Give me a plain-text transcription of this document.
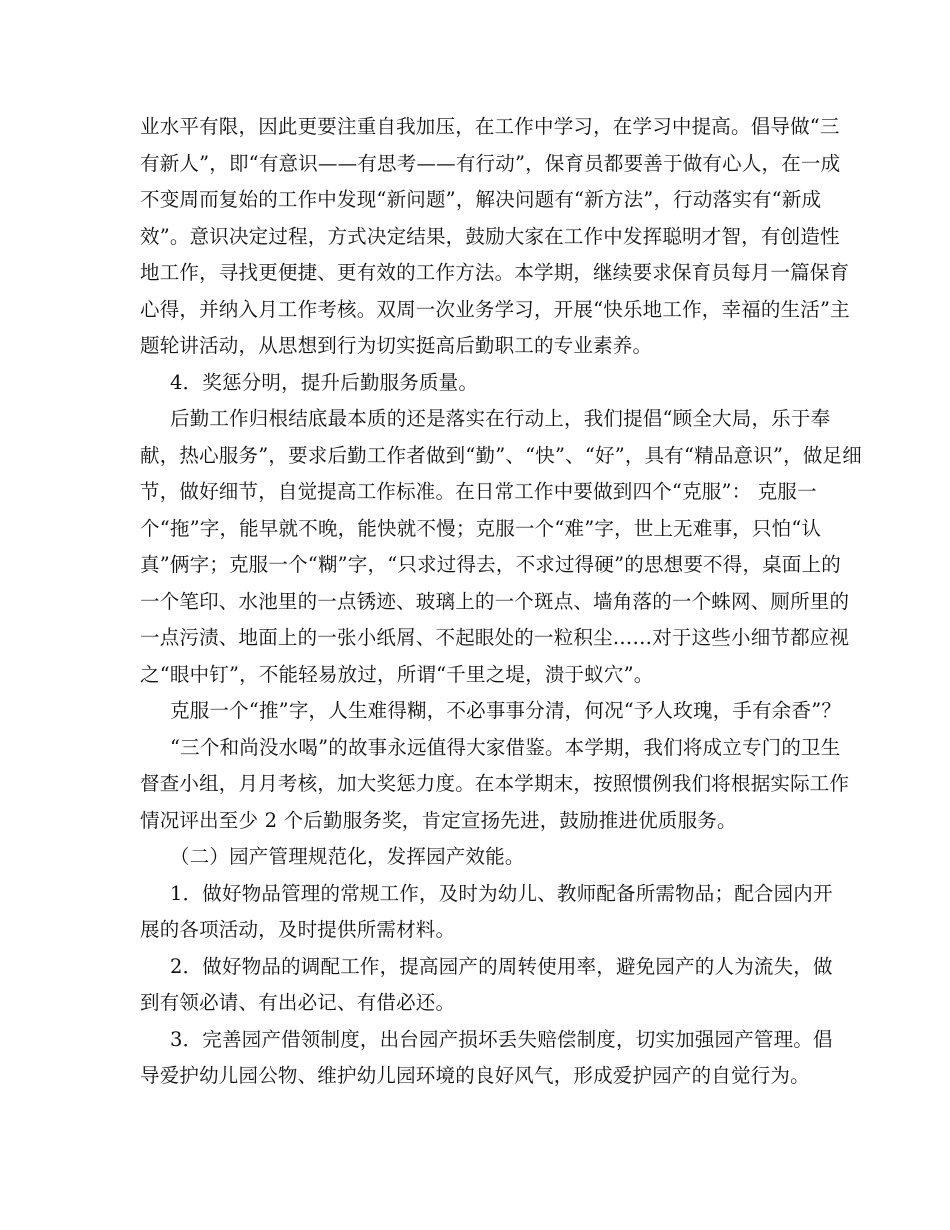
业水平有限，因此更要注重自我加压，在工作中学习，在学习中提高。倡导做“三
有新人”，即“有意识——有思考——有行动”，保育员都要善于做有心人，在一成
不变周而复始的工作中发现“新问题”，解决问题有“新方法”，行动落实有“新成
效”。意识决定过程，方式决定结果，鼓励大家在工作中发挥聪明才智，有创造性
地工作，寻找更便捷、更有效的工作方法。本学期，继续要求保育员每月一篇保育
心得，并纳入月工作考核。双周一次业务学习，开展“快乐地工作，幸福的生活”主
题轮讲活动，从思想到行为切实挺高后勤职工的专业素养。
4．奖惩分明，提升后勤服务质量。
后勤工作归根结底最本质的还是落实在行动上，我们提倡“顾全大局，乐于奉
献，热心服务”，要求后勤工作者做到“勤”、“快”、“好”，具有“精品意识”，做足细
节，做好细节，自觉提高工作标准。在日常工作中要做到四个“克服”： 克服一
个“拖”字，能早就不晚，能快就不慢；克服一个“难”字，世上无难事，只怕“认
真”俩字；克服一个“糊”字，“只求过得去，不求过得硬”的思想要不得，桌面上的
一个笔印、水池里的一点锈迹、玻璃上的一个斑点、墙角落的一个蛛网、厕所里的
一点污渍、地面上的一张小纸屑、不起眼处的一粒积尘……对于这些小细节都应视
之“眼中钉”，不能轻易放过，所谓“千里之堤，溃于蚁穴”。
克服一个“推”字，人生难得糊，不必事事分清，何况“予人玫瑰，手有余香”？
“三个和尚没水喝”的故事永远值得大家借鉴。本学期，我们将成立专门的卫生
督查小组，月月考核，加大奖惩力度。在本学期末，按照惯例我们将根据实际工作
情况评出至少 2 个后勤服务奖，肯定宣扬先进，鼓励推进优质服务。
（二）园产管理规范化，发挥园产效能。
1．做好物品管理的常规工作，及时为幼儿、教师配备所需物品；配合园内开
展的各项活动，及时提供所需材料。
2．做好物品的调配工作，提高园产的周转使用率，避免园产的人为流失，做
到有领必请、有出必记、有借必还。
3．完善园产借领制度，出台园产损坏丢失赔偿制度，切实加强园产管理。倡
导爱护幼儿园公物、维护幼儿园环境的良好风气，形成爱护园产的自觉行为。
